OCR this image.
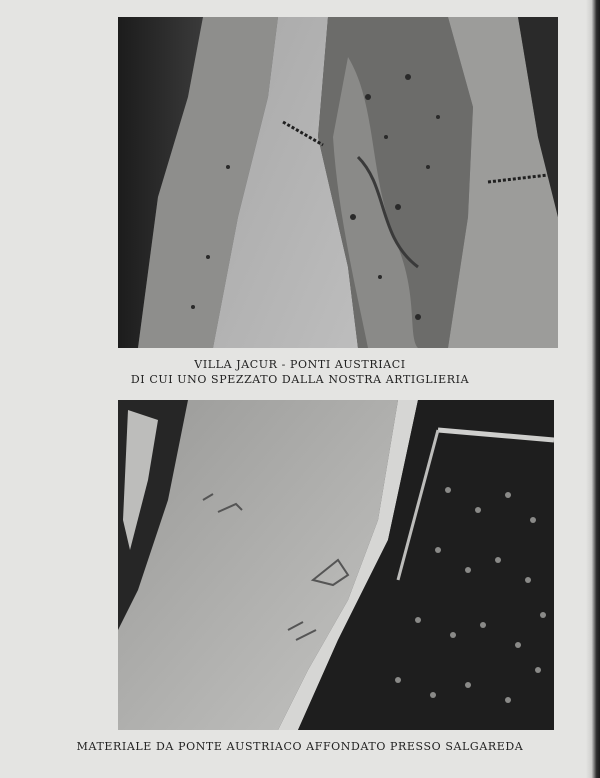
VILLA JACUR - PONTI AUSTRIACI
DI CUI UNO SPEZZATO DALLA NOSTRA ARTIGLIERIA
MATERIALE DA PONTE AUSTRIACO AFFONDATO PRESSO SALGAREDA
